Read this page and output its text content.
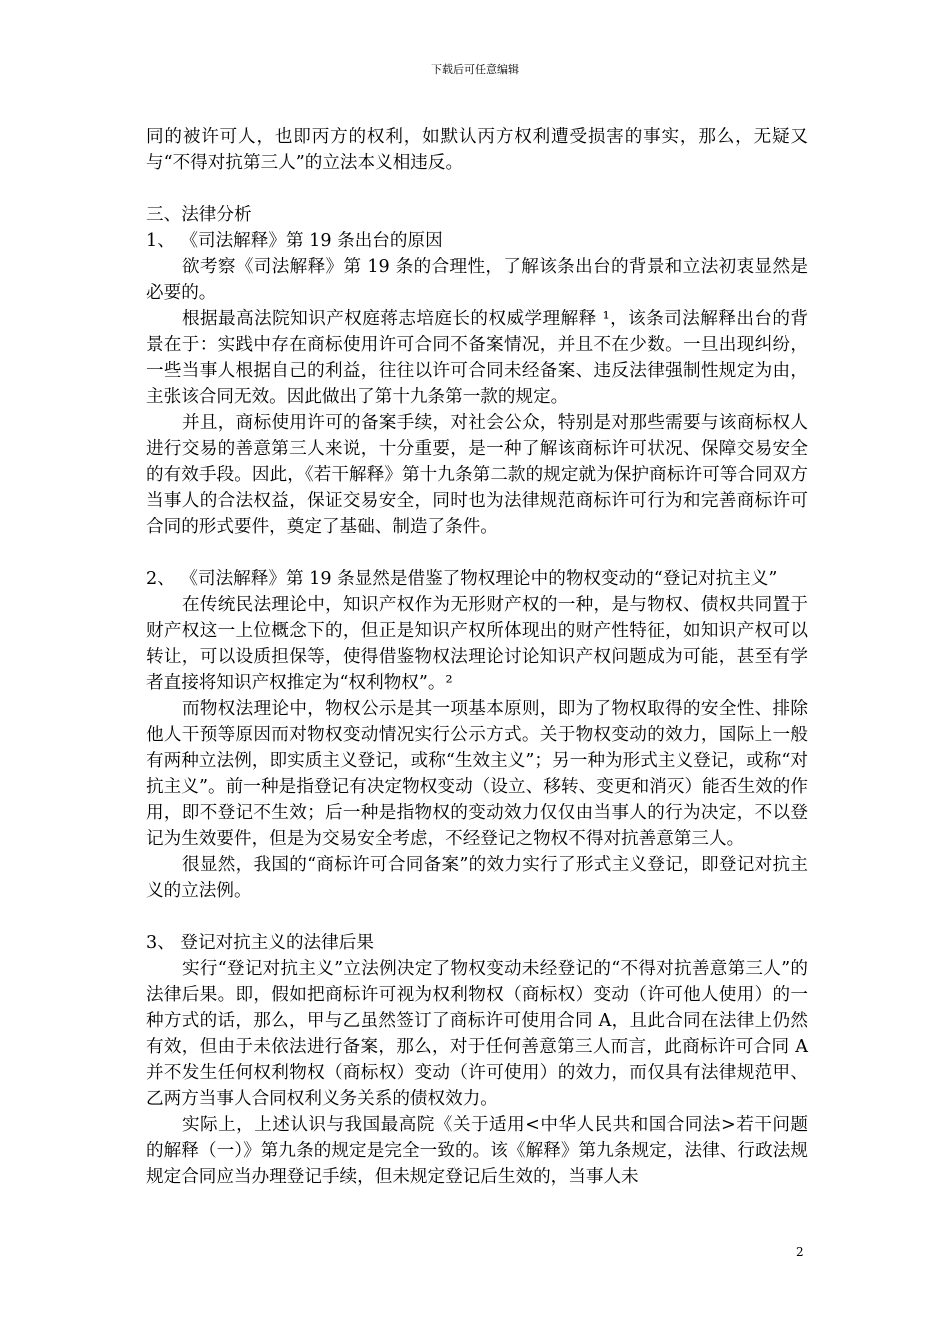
下载后可任意编辑

同的被许可人，也即丙方的权利，如默认丙方权利遭受损害的事实，那么，无疑又与“不得对抗第三人”的立法本义相违反。

三、法律分析

1、 《司法解释》第 19 条出台的原因

欲考察《司法解释》第 19 条的合理性，了解该条出台的背景和立法初衷显然是必要的。

根据最高法院知识产权庭蒋志培庭长的权威学理解释 ¹，该条司法解释出台的背景在于：实践中存在商标使用许可合同不备案情况，并且不在少数。一旦出现纠纷，一些当事人根据自己的利益，往往以许可合同未经备案、违反法律强制性规定为由，主张该合同无效。因此做出了第十九条第一款的规定。

并且，商标使用许可的备案手续，对社会公众，特别是对那些需要与该商标权人进行交易的善意第三人来说，十分重要，是一种了解该商标许可状况、保障交易安全的有效手段。因此，《若干解释》第十九条第二款的规定就为保护商标许可等合同双方当事人的合法权益，保证交易安全，同时也为法律规范商标许可行为和完善商标许可合同的形式要件，奠定了基础、制造了条件。

2、 《司法解释》第 19 条显然是借鉴了物权理论中的物权变动的“登记对抗主义”

在传统民法理论中，知识产权作为无形财产权的一种，是与物权、债权共同置于财产权这一上位概念下的，但正是知识产权所体现出的财产性特征，如知识产权可以转让，可以设质担保等，使得借鉴物权法理论讨论知识产权问题成为可能，甚至有学者直接将知识产权推定为“权利物权”。²

而物权法理论中，物权公示是其一项基本原则，即为了物权取得的安全性、排除他人干预等原因而对物权变动情况实行公示方式。关于物权变动的效力，国际上一般有两种立法例，即实质主义登记，或称“生效主义”；另一种为形式主义登记，或称“对抗主义”。前一种是指登记有决定物权变动（设立、移转、变更和消灭）能否生效的作用，即不登记不生效；后一种是指物权的变动效力仅仅由当事人的行为决定，不以登记为生效要件，但是为交易安全考虑，不经登记之物权不得对抗善意第三人。

很显然，我国的“商标许可合同备案”的效力实行了形式主义登记，即登记对抗主义的立法例。

3、 登记对抗主义的法律后果

实行“登记对抗主义”立法例决定了物权变动未经登记的“不得对抗善意第三人”的法律后果。即，假如把商标许可视为权利物权（商标权）变动（许可他人使用）的一种方式的话，那么，甲与乙虽然签订了商标许可使用合同 A，且此合同在法律上仍然有效，但由于未依法进行备案，那么，对于任何善意第三人而言，此商标许可合同 A 并不发生任何权利物权（商标权）变动（许可使用）的效力，而仅具有法律规范甲、乙两方当事人合同权利义务关系的债权效力。

实际上，上述认识与我国最高院《关于适用<中华人民共和国合同法>若干问题的解释（一）》第九条的规定是完全一致的。该《解释》第九条规定，法律、行政法规规定合同应当办理登记手续，但未规定登记后生效的，当事人未

2
